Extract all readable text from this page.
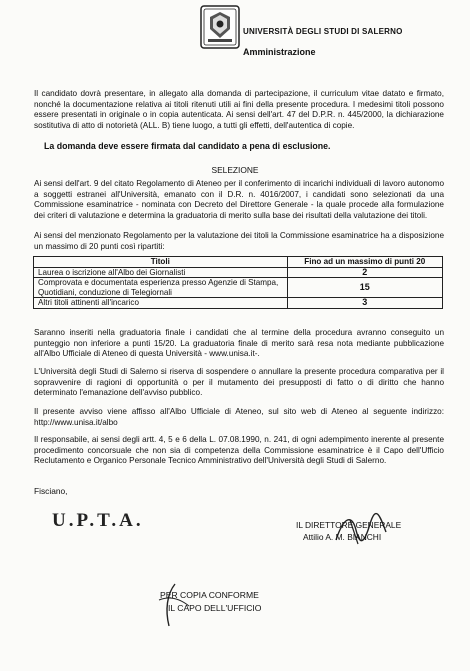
UNIVERSITÀ DEGLI STUDI DI SALERNO
Amministrazione
Il candidato dovrà presentare, in allegato alla domanda di partecipazione, il curriculum vitae datato e firmato, nonché la documentazione relativa ai titoli ritenuti utili ai fini della presente procedura. I medesimi titoli possono essere presentati in originale o in copia autenticata. Ai sensi dell'art. 47 del D.P.R. n. 445/2000, la dichiarazione sostitutiva di atto di notorietà (ALL. B) tiene luogo, a tutti gli effetti, dell'autentica di copie.
La domanda deve essere firmata dal candidato a pena di esclusione.
SELEZIONE
Ai sensi dell'art. 9 del citato Regolamento di Ateneo per il conferimento di incarichi individuali di lavoro autonomo a soggetti estranei all'Università, emanato con il D.R. n. 4016/2007, i candidati sono selezionati da una Commissione esaminatrice - nominata con Decreto del Direttore Generale - la quale procede alla formulazione dei criteri di valutazione e determina la graduatoria di merito sulla base dei risultati della valutazione dei titoli.
Ai sensi del menzionato Regolamento per la valutazione dei titoli la Commissione esaminatrice ha a disposizione un massimo di 20 punti così ripartiti:
Titoli	Fino ad un massimo di punti 20
Laurea o iscrizione all'Albo dei Giornalisti	2
Comprovata e documentata esperienza presso Agenzie di Stampa, Quotidiani, conduzione di Telegiornali	15
Altri titoli attinenti all'incarico	3
Saranno inseriti nella graduatoria finale i candidati che al termine della procedura avranno conseguito un punteggio non inferiore a punti 15/20. La graduatoria finale di merito sarà resa nota mediante pubblicazione all'Albo Ufficiale di Ateneo di questa Università - www.unisa.it-.
L'Università degli Studi di Salerno si riserva di sospendere o annullare la presente procedura comparativa per il sopravvenire di ragioni di opportunità o per il mutamento dei presupposti di fatto o di diritto che hanno determinato l'emanazione dell'avviso pubblico.
Il presente avviso viene affisso all'Albo Ufficiale di Ateneo, sul sito web di Ateneo al seguente indirizzo: http://www.unisa.it/albo
Il responsabile, ai sensi degli artt. 4, 5 e 6 della L. 07.08.1990, n. 241, di ogni adempimento inerente al presente procedimento concorsuale che non sia di competenza della Commissione esaminatrice è il Capo dell'Ufficio Reclutamento e Organico Personale Tecnico Amministrativo dell'Università degli Studi di Salerno.
Fisciano,
U.P.T.A.	IL DIRETTORE GENERALE
Attilio A. M. BIANCHI
PER COPIA CONFORME
IL CAPO DELL'UFFICIO
